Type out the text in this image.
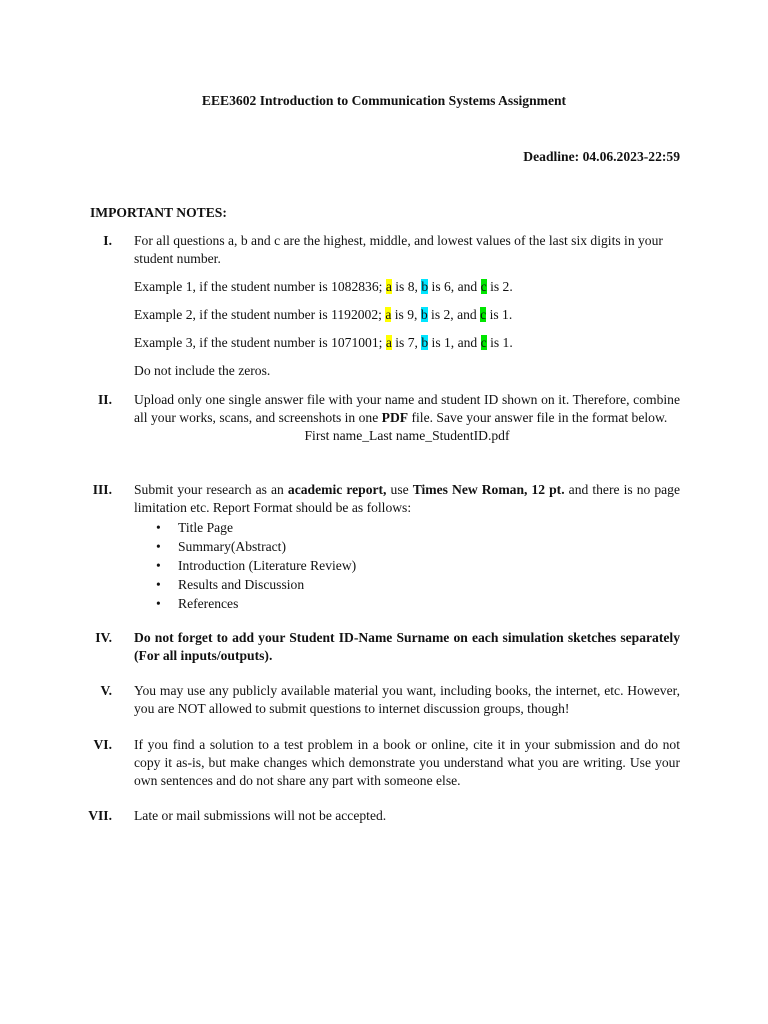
EEE3602 Introduction to Communication Systems Assignment
Deadline: 04.06.2023-22:59
IMPORTANT NOTES:
I. For all questions a, b and c are the highest, middle, and lowest values of the last six digits in your student number.

Example 1, if the student number is 1082836; a is 8, b is 6, and c is 2.

Example 2, if the student number is 1192002; a is 9, b is 2, and c is 1.

Example 3, if the student number is 1071001; a is 7, b is 1, and c is 1.

Do not include the zeros.

II. Upload only one single answer file with your name and student ID shown on it. Therefore, combine all your works, scans, and screenshots in one PDF file. Save your answer file in the format below.

First name_Last name_StudentID.pdf

III. Submit your research as an academic report, use Times New Roman, 12 pt. and there is no page limitation etc. Report Format should be as follows:

• Title Page
• Summary(Abstract)
• Introduction (Literature Review)
• Results and Discussion
• References
IV. Do not forget to add your Student ID-Name Surname on each simulation sketches separately (For all inputs/outputs).
V. You may use any publicly available material you want, including books, the internet, etc. However, you are NOT allowed to submit questions to internet discussion groups, though!
VI. If you find a solution to a test problem in a book or online, cite it in your submission and do not copy it as-is, but make changes which demonstrate you understand what you are writing. Use your own sentences and do not share any part with someone else.
VII. Late or mail submissions will not be accepted.
